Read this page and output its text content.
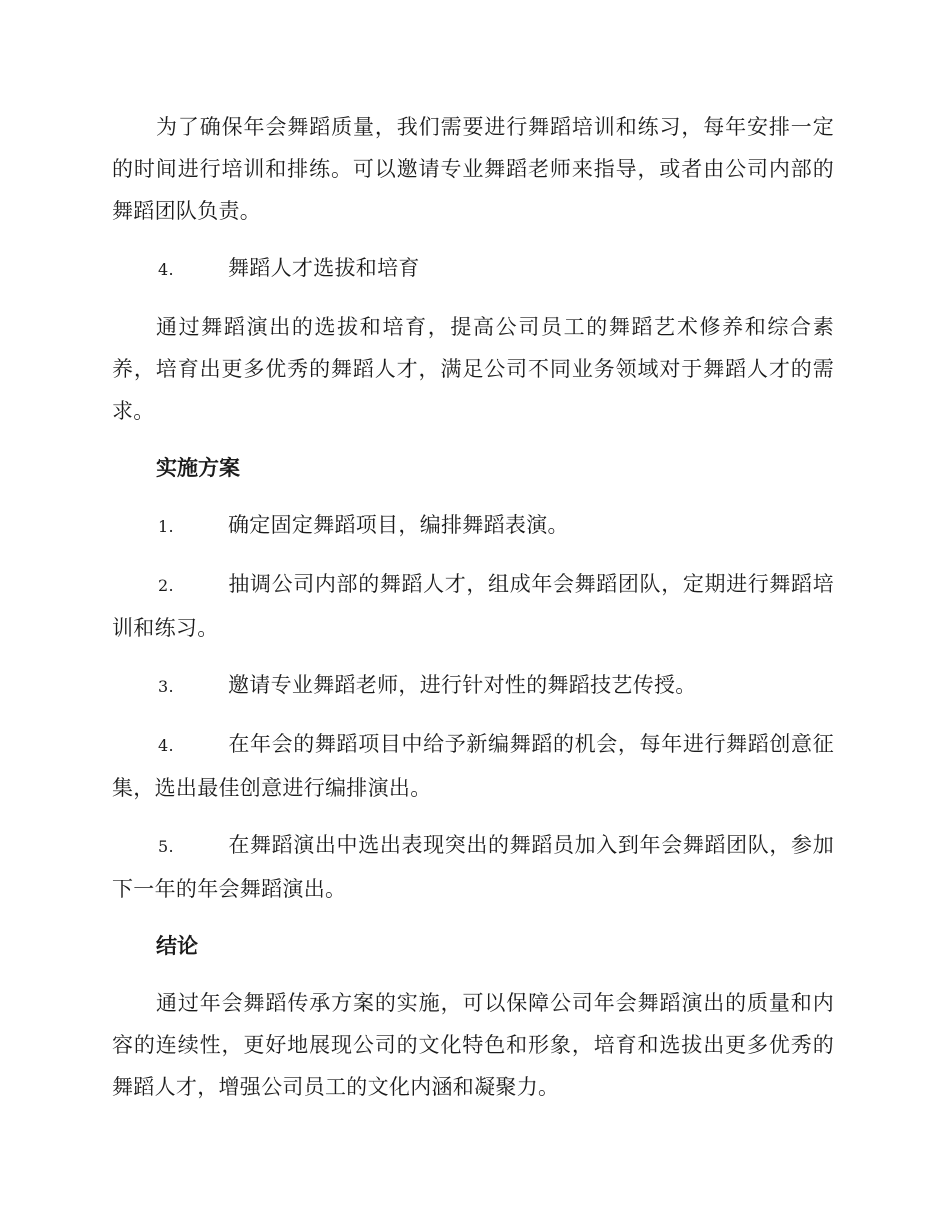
为了确保年会舞蹈质量，我们需要进行舞蹈培训和练习，每年安排一定的时间进行培训和排练。可以邀请专业舞蹈老师来指导，或者由公司内部的舞蹈团队负责。

4.	舞蹈人才选拔和培育

通过舞蹈演出的选拔和培育，提高公司员工的舞蹈艺术修养和综合素养，培育出更多优秀的舞蹈人才，满足公司不同业务领域对于舞蹈人才的需求。

实施方案

1.	确定固定舞蹈项目，编排舞蹈表演。

2.	抽调公司内部的舞蹈人才，组成年会舞蹈团队，定期进行舞蹈培训和练习。

3.	邀请专业舞蹈老师，进行针对性的舞蹈技艺传授。

4.	在年会的舞蹈项目中给予新编舞蹈的机会，每年进行舞蹈创意征集，选出最佳创意进行编排演出。

5.	在舞蹈演出中选出表现突出的舞蹈员加入到年会舞蹈团队，参加下一年的年会舞蹈演出。

结论

通过年会舞蹈传承方案的实施，可以保障公司年会舞蹈演出的质量和内容的连续性，更好地展现公司的文化特色和形象，培育和选拔出更多优秀的舞蹈人才，增强公司员工的文化内涵和凝聚力。
